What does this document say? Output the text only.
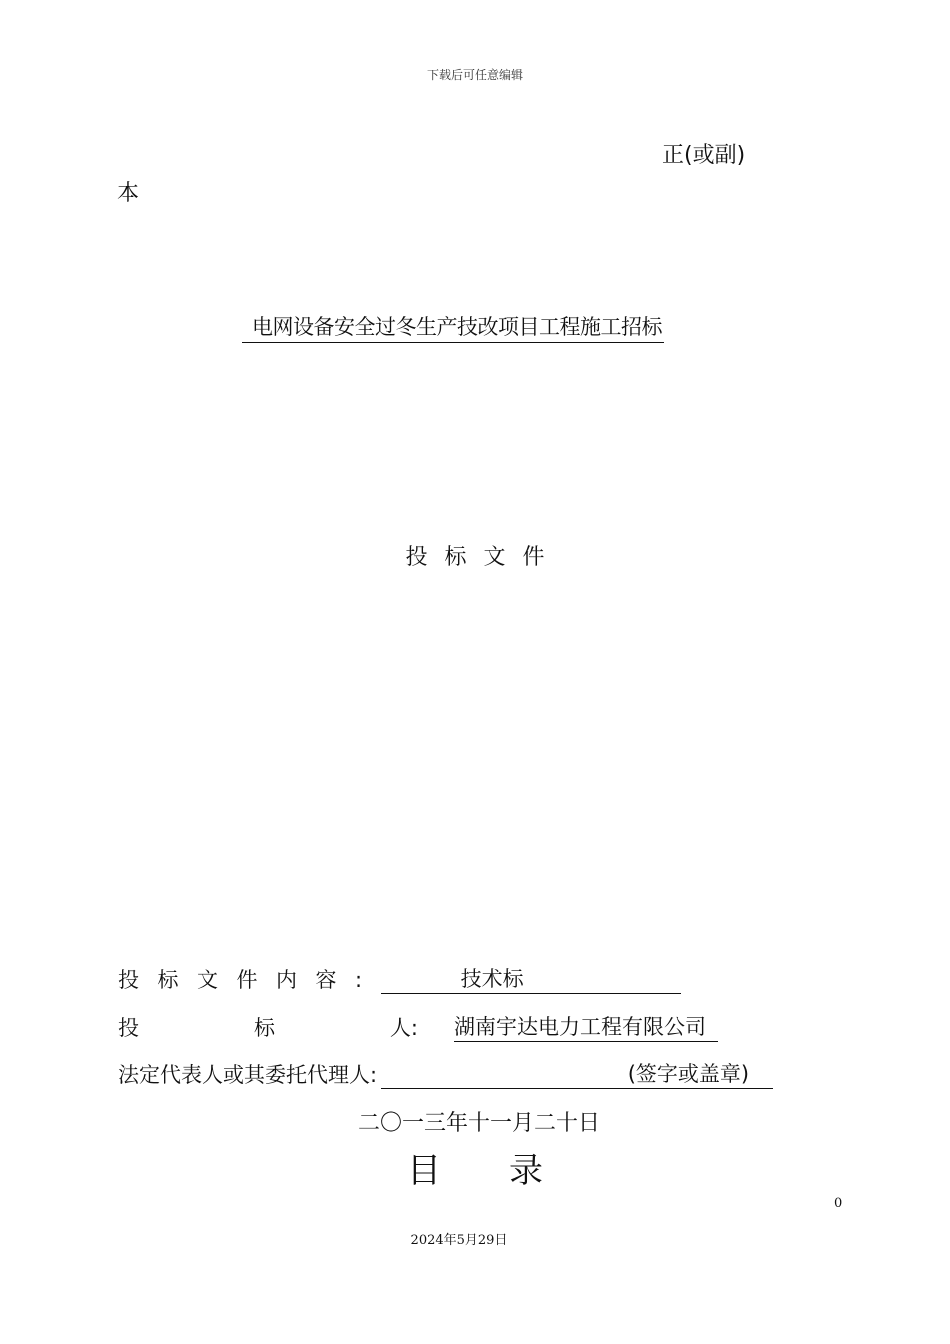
下载后可任意编辑
正(或副)
本
电网设备安全过冬生产技改项目工程施工招标
投标文件
投标文件内容:	技术标
投	标	人: 湖南宇达电力工程有限公司
法定代表人或其委托代理人:	(签字或盖章)
二〇一三年十一月二十日
目录
0
2024年5月29日
